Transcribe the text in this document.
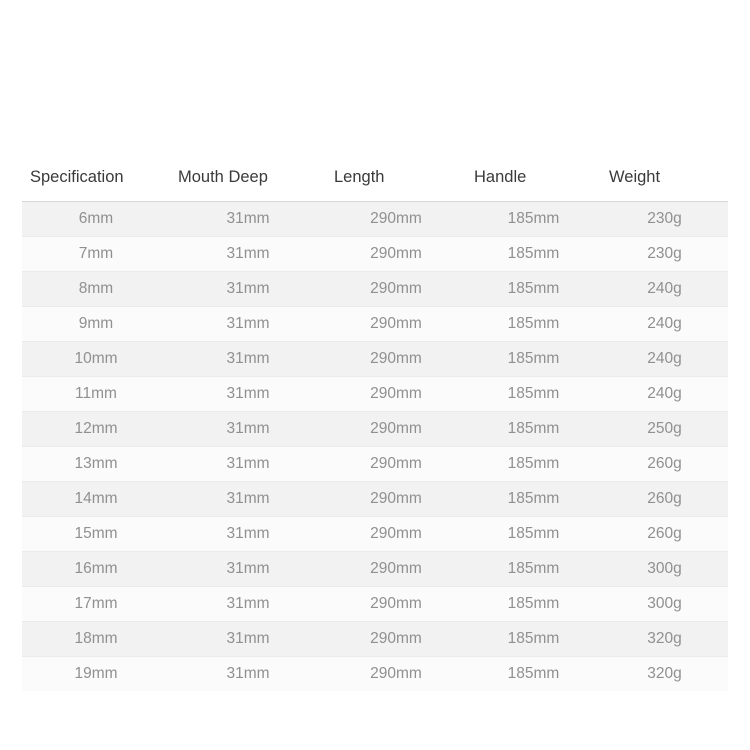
Specification	Mouth Deep	Length	Handle	Weight
6mm	31mm	290mm	185mm	230g
7mm	31mm	290mm	185mm	230g
8mm	31mm	290mm	185mm	240g
9mm	31mm	290mm	185mm	240g
10mm	31mm	290mm	185mm	240g
11mm	31mm	290mm	185mm	240g
12mm	31mm	290mm	185mm	250g
13mm	31mm	290mm	185mm	260g
14mm	31mm	290mm	185mm	260g
15mm	31mm	290mm	185mm	260g
16mm	31mm	290mm	185mm	300g
17mm	31mm	290mm	185mm	300g
18mm	31mm	290mm	185mm	320g
19mm	31mm	290mm	185mm	320g
